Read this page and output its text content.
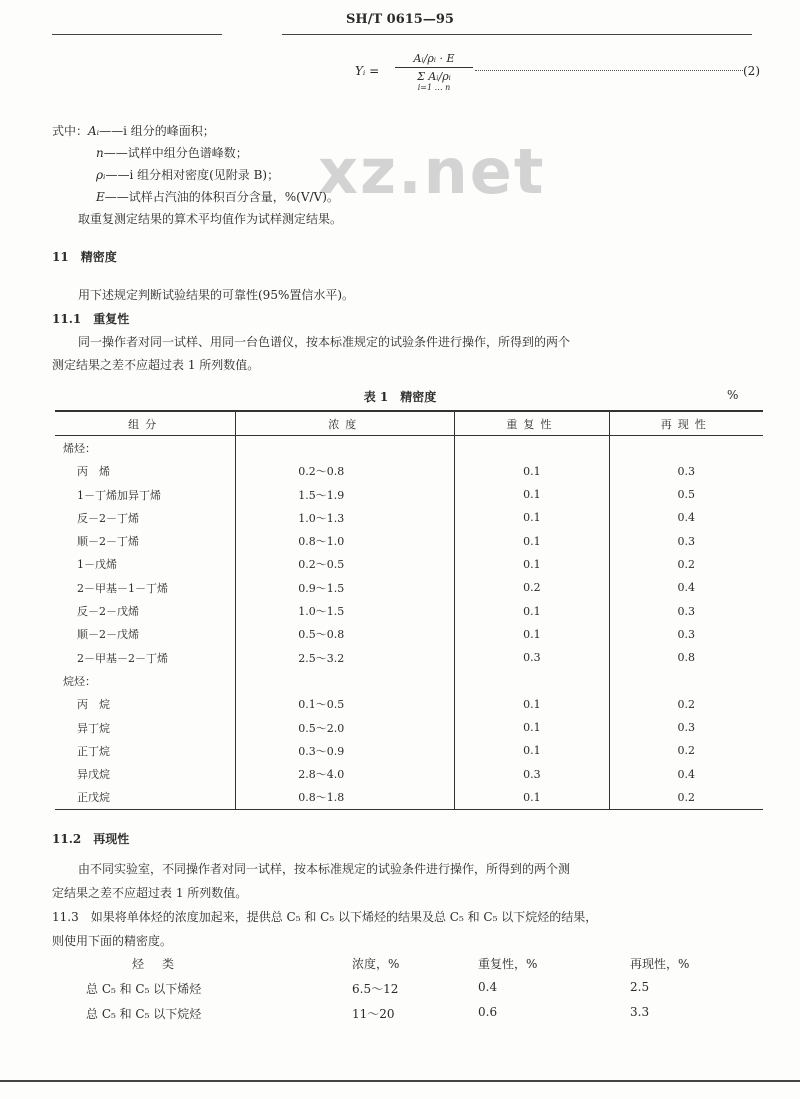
SH/T 0615—95
xz.net
Yᵢ =
Aᵢ/ρᵢ · E
Σ Aᵢ/ρᵢ
i=1 … n
(2)
式中：Aᵢ——i 组分的峰面积；
n——试样中组分色谱峰数；
ρᵢ——i 组分相对密度(见附录 B)；
E——试样占汽油的体积百分含量，%(V/V)。
取重复测定结果的算术平均值作为试样测定结果。
11　精密度
用下述规定判断试验结果的可靠性(95%置信水平)。
11.1　重复性
同一操作者对同一试样、用同一台色谱仪，按本标准规定的试验条件进行操作，所得到的两个
测定结果之差不应超过表 1 所列数值。
表 1　精密度	%
组分	浓度	重复性	再现性
烯烃：			
丙　烯	0.2～0.8	0.1	0.3
1－丁烯加异丁烯	1.5～1.9	0.1	0.5
反－2－丁烯	1.0～1.3	0.1	0.4
顺－2－丁烯	0.8～1.0	0.1	0.3
1－戊烯	0.2～0.5	0.1	0.2
2－甲基－1－丁烯	0.9～1.5	0.2	0.4
反－2－戊烯	1.0～1.5	0.1	0.3
顺－2－戊烯	0.5～0.8	0.1	0.3
2－甲基－2－丁烯	2.5～3.2	0.3	0.8
烷烃：			
丙　烷	0.1～0.5	0.1	0.2
异丁烷	0.5～2.0	0.1	0.3
正丁烷	0.3～0.9	0.1	0.2
异戊烷	2.8～4.0	0.3	0.4
正戊烷	0.8～1.8	0.1	0.2
11.2　再现性
由不同实验室，不同操作者对同一试样，按本标准规定的试验条件进行操作，所得到的两个测
定结果之差不应超过表 1 所列数值。
11.3　如果将单体烃的浓度加起来，提供总 C₅ 和 C₅ 以下烯烃的结果及总 C₅ 和 C₅ 以下烷烃的结果，
则使用下面的精密度。
烃类	浓度，%	重复性，%	再现性，%
总 C₅ 和 C₅ 以下烯烃	6.5～12	0.4	2.5
总 C₅ 和 C₅ 以下烷烃	11～20	0.6	3.3
